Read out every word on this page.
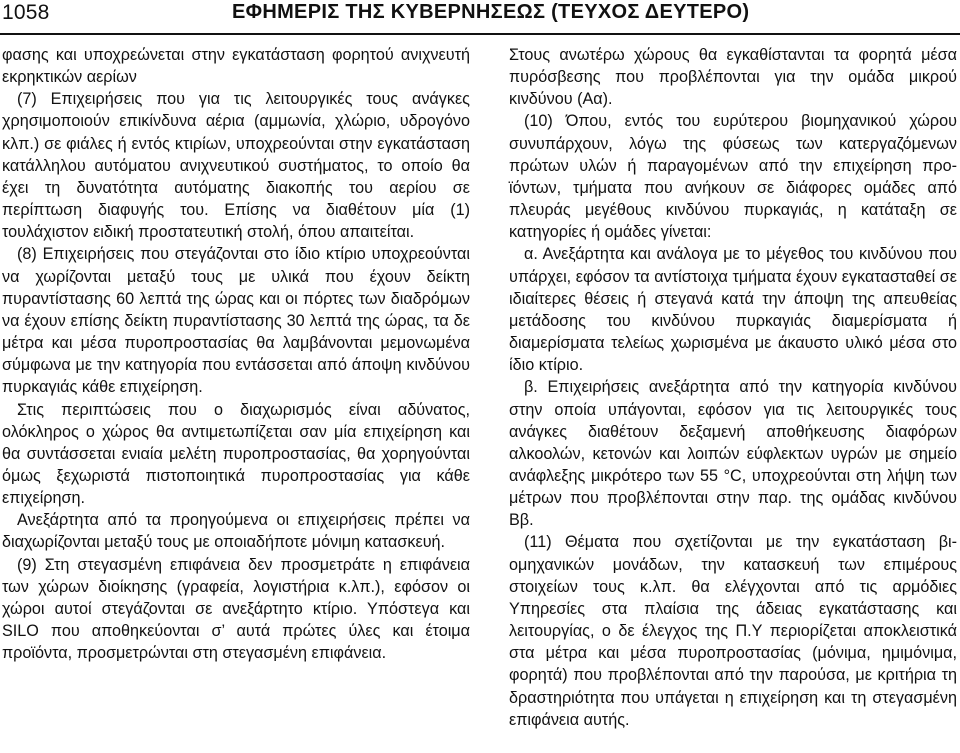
1058	ΕΦΗΜΕΡΙΣ ΤΗΣ ΚΥΒΕΡΝΗΣΕΩΣ (ΤΕΥΧΟΣ ΔΕΥΤΕΡΟ)

φασης και υποχρεώνεται στην εγκατάσταση φορητού ανιχνευτή εκρηκτικών αερίων

(7) Επιχειρήσεις που για τις λειτουργικές τους ανάγκες χρησιμοποιούν επικίνδυνα αέρια (αμμωνία, χλώριο, υδρογόνο κλπ.) σε φιάλες ή εντός κτιρίων, υποχρεούνται στην εγκατάσταση κατάλληλου αυτόματου ανιχνευτικού συστήματος, το οποίο θα έχει τη δυνατότητα αυτόματης διακοπής του αερίου σε περίπτωση διαφυγής του. Επίσης να διαθέτουν μία (1) τουλάχιστον ειδική προστατευτική στολή, όπου απαιτείται.

(8) Επιχειρήσεις που στεγάζονται στο ίδιο κτίριο υποχρεούνται να χωρίζονται μεταξύ τους με υλικά που έχουν δείκτη πυραντίστασης 60 λεπτά της ώρας και οι πόρτες των διαδρόμων να έχουν επίσης δείκτη πυραντίστασης 30 λεπτά της ώρας, τα δε μέτρα και μέσα πυροπροστασίας θα λαμβάνονται μεμονωμένα σύμφωνα με την κατηγορία που εντάσσεται από άποψη κινδύνου πυρκαγιάς κάθε επιχείρηση.

Στις περιπτώσεις που ο διαχωρισμός είναι αδύνατος, ολόκληρος ο χώρος θα αντιμετωπίζεται σαν μία επιχείρηση και θα συντάσσεται ενιαία μελέτη πυροπροστασίας, θα χορηγούνται όμως ξεχωριστά πιστοποιητικά πυροπροστασίας για κάθε επιχείρηση.

Ανεξάρτητα από τα προηγούμενα οι επιχειρήσεις πρέπει να διαχωρίζονται μεταξύ τους με οποιαδήποτε μόνιμη κατασκευή.

(9) Στη στεγασμένη επιφάνεια δεν προσμετράτε η επιφάνεια των χώρων διοίκησης (γραφεία, λογιστήρια κ.λπ.), εφόσον οι χώροι αυτοί στεγάζονται σε ανεξάρτητο κτίριο. Υπόστεγα και SILO που αποθηκεύονται σ’ αυτά πρώτες ύλες και έτοιμα προϊόντα, προσμετρώνται στη στεγασμένη επιφάνεια.

Στους ανωτέρω χώρους θα εγκαθίστανται τα φορητά μέσα πυρόσβεσης που προβλέπονται για την ομάδα μικρού κινδύνου (Αα).

(10) Όπου, εντός του ευρύτερου βιομηχανικού χώρου συνυπάρχουν, λόγω της φύσεως των κατεργαζόμενων πρώτων υλών ή παραγομένων από την επιχείρηση προϊόντων, τμήματα που ανήκουν σε διάφορες ομάδες από πλευράς μεγέθους κινδύνου πυρκαγιάς, η κατάταξη σε κατηγορίες ή ομάδες γίνεται:

α. Ανεξάρτητα και ανάλογα με το μέγεθος του κινδύνου που υπάρχει, εφόσον τα αντίστοιχα τμήματα έχουν εγκατασταθεί σε ιδιαίτερες θέσεις ή στεγανά κατά την άποψη της απευθείας μετάδοσης του κινδύνου πυρκαγιάς διαμερίσματα ή διαμερίσματα τελείως χωρισμένα με άκαυστο υλικό μέσα στο ίδιο κτίριο.

β. Επιχειρήσεις ανεξάρτητα από την κατηγορία κινδύνου στην οποία υπάγονται, εφόσον για τις λειτουργικές τους ανάγκες διαθέτουν δεξαμενή αποθήκευσης διαφόρων αλκοολών, κετονών και λοιπών εύφλεκτων υγρών με σημείο ανάφλεξης μικρότερο των 55 °C, υποχρεούνται στη λήψη των μέτρων που προβλέπονται στην παρ. της ομάδας κινδύνου Ββ.

(11) Θέματα που σχετίζονται με την εγκατάσταση βιομηχανικών μονάδων, την κατασκευή των επιμέρους στοιχείων τους κ.λπ. θα ελέγχονται από τις αρμόδιες Υπηρεσίες στα πλαίσια της άδειας εγκατάστασης και λειτουργίας, ο δε έλεγχος της Π.Υ περιορίζεται αποκλειστικά στα μέτρα και μέσα πυροπροστασίας (μόνιμα, ημιμόνιμα, φορητά) που προβλέπονται από την παρούσα, με κριτήρια τη δραστηριότητα που υπάγεται η επιχείρηση και τη στεγασμένη επιφάνεια αυτής.
